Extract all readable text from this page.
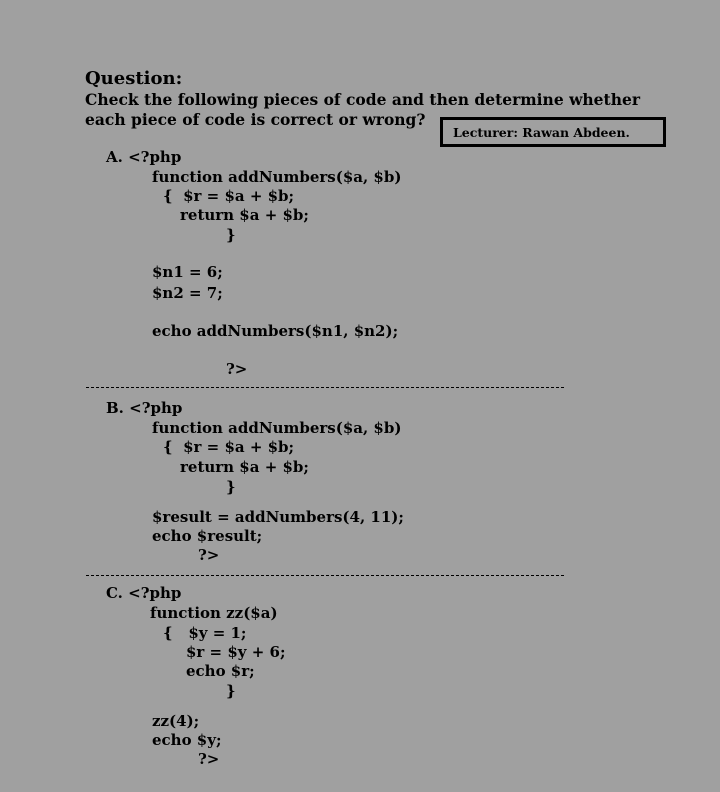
Question:
Check the following pieces of code and then determine whether
each piece of code is correct or wrong?
Lecturer: Rawan Abdeen.
A. <?php
function addNumbers($a, $b)
{  $r = $a + $b;
return $a + $b;
}
$n1 = 6;
$n2 = 7;
echo addNumbers($n1, $n2);
?>
B. <?php
function addNumbers($a, $b)
{  $r = $a + $b;
return $a + $b;
}
$result = addNumbers(4, 11);
echo $result;
?>
C. <?php
function zz($a)
{   $y = 1;
$r = $y + 6;
echo $r;
}
zz(4);
echo $y;
?>
